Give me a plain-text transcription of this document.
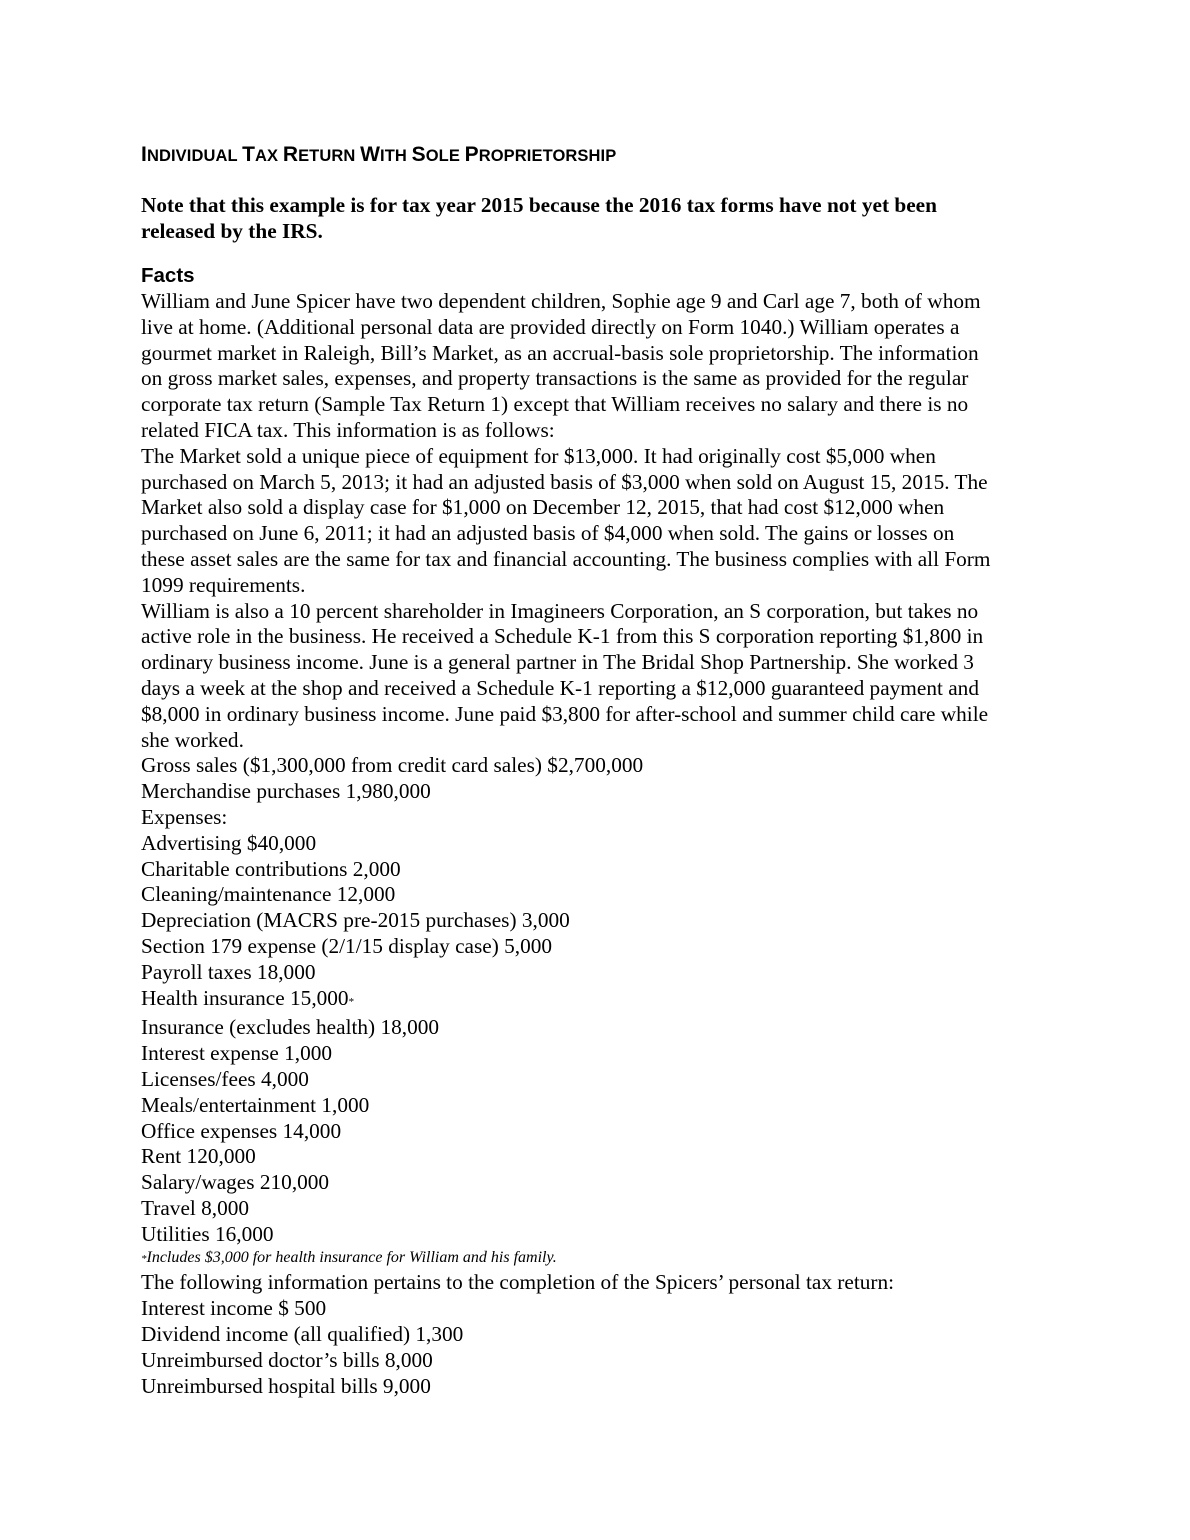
INDIVIDUAL TAX RETURN WITH SOLE PROPRIETORSHIP

Note that this example is for tax year 2015 because the 2016 tax forms have not yet been released by the IRS.

Facts

William and June Spicer have two dependent children, Sophie age 9 and Carl age 7, both of whom live at home. (Additional personal data are provided directly on Form 1040.) William operates a gourmet market in Raleigh, Bill’s Market, as an accrual-basis sole proprietorship. The information on gross market sales, expenses, and property transactions is the same as provided for the regular corporate tax return (Sample Tax Return 1) except that William receives no salary and there is no related FICA tax. This information is as follows:

The Market sold a unique piece of equipment for $13,000. It had originally cost $5,000 when purchased on March 5, 2013; it had an adjusted basis of $3,000 when sold on August 15, 2015. The Market also sold a display case for $1,000 on December 12, 2015, that had cost $12,000 when purchased on June 6, 2011; it had an adjusted basis of $4,000 when sold. The gains or losses on these asset sales are the same for tax and financial accounting. The business complies with all Form 1099 requirements.

William is also a 10 percent shareholder in Imagineers Corporation, an S corporation, but takes no active role in the business. He received a Schedule K-1 from this S corporation reporting $1,800 in ordinary business income. June is a general partner in The Bridal Shop Partnership. She worked 3 days a week at the shop and received a Schedule K-1 reporting a $12,000 guaranteed payment and $8,000 in ordinary business income. June paid $3,800 for after-school and summer child care while she worked.

Gross sales ($1,300,000 from credit card sales) $2,700,000

Merchandise purchases 1,980,000

Expenses:

Advertising $40,000

Charitable contributions 2,000

Cleaning/maintenance 12,000

Depreciation (MACRS pre-2015 purchases) 3,000

Section 179 expense (2/1/15 display case) 5,000

Payroll taxes 18,000

Health insurance 15,000*

Insurance (excludes health) 18,000

Interest expense 1,000

Licenses/fees 4,000

Meals/entertainment 1,000

Office expenses 14,000

Rent 120,000

Salary/wages 210,000

Travel 8,000

Utilities 16,000

*Includes $3,000 for health insurance for William and his family.

The following information pertains to the completion of the Spicers’ personal tax return:

Interest income $ 500

Dividend income (all qualified) 1,300

Unreimbursed doctor’s bills 8,000

Unreimbursed hospital bills 9,000
